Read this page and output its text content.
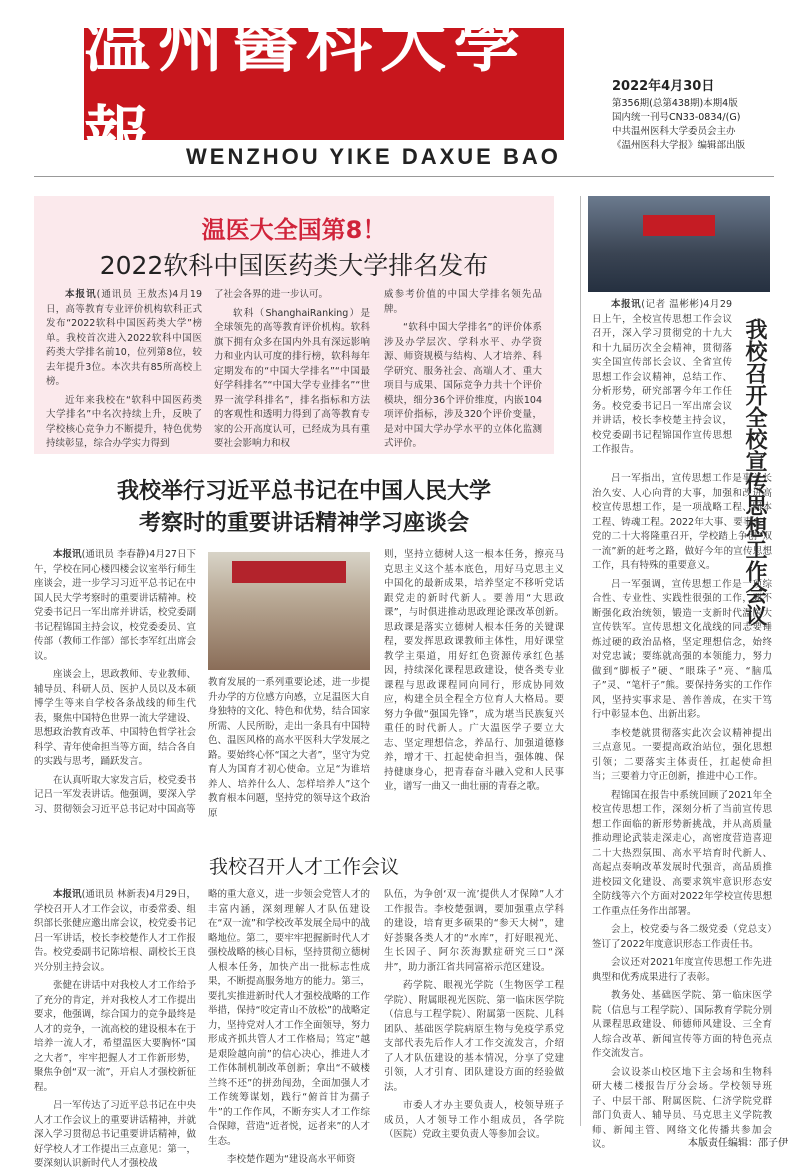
温州醫科大學報	WENZHOU YIKE DAXUE BAO
2022年4月30日
第356期(总第438期)本期4版
国内统一刊号CN33-0834/(G)
中共温州医科大学委员会主办
《温州医科大学报》编辑部出版
温医大全国第8！
2022软科中国医药类大学排名发布

本报讯(通讯员 王敖杰)4月19日，高等教育专业评价机构软科正式发布“2022软科中国医药类大学”榜单。我校首次进入2022软科中国医药类大学排名前10，位列第8位，较去年提升3位。本次共有85所高校上榜。

近年来我校在“软科中国医药类大学排名”中名次持续上升，反映了学校核心竞争力不断提升，特色优势持续彰显，综合办学实力得到

了社会各界的进一步认可。

软科（ShanghaiRanking）是全球领先的高等教育评价机构。软科旗下拥有众多在国内外具有深远影响力和业内认可度的排行榜，软科每年定期发布的“中国大学排名”“中国最好学科排名”“中国大学专业排名”“世界一流学科排名”，排名指标和方法的客观性和透明力得到了高等教育专家的公开高度认可，已经成为具有重要社会影响力和权

威参考价值的中国大学排名领先品牌。

“软科中国大学排名”的评价体系涉及办学层次、学科水平、办学资源、师资规模与结构、人才培养、科学研究、服务社会、高端人才、重大项目与成果、国际竞争力共十个评价模块，细分36个评价维度，内嵌104项评价指标，涉及320个评价变量，是对中国大学办学水平的立体化监测式评价。	我校召开全校宣传思想工作会议

本报讯(记者 温彬彬)4月29日上午，全校宣传思想工作会议召开，深入学习贯彻党的十九大和十九届历次全会精神，贯彻落实全国宣传部长会议、全省宣传思想工作会议精神，总结工作、分析形势，研究部署今年工作任务。校党委书记吕一军出席会议并讲话，校长李校楚主持会议，校党委副书记程锦国作宣传思想工作报告。

吕一军指出，宣传思想工作是事关长治久安、人心向背的大事，加强和改进高校宣传思想工作，是一项战略工程、固本工程、铸魂工程。2022年大事、要事多，党的二十大将隆重召开，学校踏上争创“双一流”新的赶考之路，做好今年的宣传思想工作，具有特殊的重要意义。

吕一军强调，宣传思想工作是一项综合性、专业性、实践性很强的工作，要不断强化政治统领，锻造一支新时代温医大宣传铁军。宣传思想文化战线的同志要锤炼过硬的政治品格，坚定理想信念，始终对党忠诚；要练就高强的本领能力，努力做到“脚板子”硬、“眼珠子”亮、“脑瓜子”灵、“笔杆子”熊。要保持务实的工作作风，坚持实事求是、善作善成，在实干笃行中彰显本色、出新出彩。

李校楚就贯彻落实此次会议精神提出三点意见。一要提高政治站位，强化思想引领；二要落实主体责任，扛起使命担当；三要着力守正创新，推进中心工作。

程锦国在报告中系统回顾了2021年全校宣传思想工作，深刻分析了当前宣传思想工作面临的新形势新挑战，并从高质量推动理论武装走深走心，高密度营造喜迎二十大热烈氛围、高水平培育时代新人、高起点奏响改革发展时代强音，高品质推进校园文化建设、高要求筑牢意识形态安全防线等六个方面对2022年学校宣传思想工作重点任务作出部署。

会上，校党委与各二级党委（党总支）签订了2022年度意识形态工作责任书。

会议还对2021年度宣传思想工作先进典型和优秀成果进行了表彰。

教务处、基础医学院、第一临床医学院（信息与工程学院）、国际教育学院分别从课程思政建设、师德师风建设、三全育人综合改革、新闻宣传等方面的特色亮点作交流发言。

会议设茶山校区地下主会场和生物科研大楼二楼报告厅分会场。学校领导班子、中层干部、附属医院、仁济学院党群部门负责人、辅导员、马克思主义学院教师、新闻主管、网络文化传播共参加会议。

我校举行习近平总书记在中国人民大学
考察时的重要讲话精神学习座谈会

本报讯(通讯员 李春静)4月27日下午，学校在同心楼四楼会议室举行师生座谈会，进一步学习习近平总书记在中国人民大学考察时的重要讲话精神。校党委书记吕一军出席并讲话，校党委副书记程锦国主持会议，校党委委员、宣传部（教师工作部）部长李军红出席会议。

座谈会上，思政教师、专业教师、辅导员、科研人员、医护人员以及本硕博学生等来自学校各条战线的师生代表，聚焦中国特色世界一流大学建设、思想政治教育改革、中国特色哲学社会科学、青年使命担当等方面，结合各自的实践与思考，踊跃发言。

在认真听取大家发言后，校党委书记吕一军发表讲话。他强调，要深入学习、贯彻领会习近平总书记对中国高等

教育发展的一系列重要论述，进一步提升办学的方位感方向感，立足温医大自身独特的文化、特色和优势，结合国家所需、人民所盼，走出一条具有中国特色、温医风格的高水平医科大学发展之路。要始终心怀“国之大者”，坚守为党育人为国育才初心使命。立足“为谁培养人、培养什么人、怎样培养人”这个教育根本问题，坚持党的领导这个政治原

则，坚持立德树人这一根本任务，擦亮马克思主义这个基本底色，用好马克思主义中国化的最新成果，培养坚定不移听党话跟党走的新时代新人。要善用“大思政课”，与时俱进推动思政理论课改革创新。思政课是落实立德树人根本任务的关键课程，要发挥思政课教师主体性，用好课堂教学主渠道，用好红色资源传承红色基因，持续深化课程思政建设，使各类专业课程与思政课程同向同行，形成协同效应，构建全员全程全方位育人大格局。要努力争做“强国先锋”，成为堪当民族复兴重任的时代新人。广大温医学子要立大志、坚定理想信念，养品行、加强道德修养，增才干、扛起使命担当，强体魄、保持健康身心，把青春奋斗融入党和人民事业，谱写一曲又一曲壮丽的青春之歌。

我校召开人才工作会议

本报讯(通讯员 林新表)4月29日，学校召开人才工作会议，市委常委、组织部长张健应邀出席会议，校党委书记吕一军讲话，校长李校楚作人才工作报告。校党委副书记陈培根、副校长王良兴分别主持会议。

张健在讲话中对我校人才工作给予了充分的肯定，并对我校人才工作提出要求，他强调，综合国力的竞争最终是人才的竞争，一流高校的建设根本在于培养一流人才，希望温医大要胸怀“国之大者”，牢牢把握人才工作新形势，聚焦争创“双一流”，开启人才强校新征程。

吕一军传达了习近平总书记在中央人才工作会议上的重要讲话精神，并就深入学习贯彻总书记重要讲话精神，做好学校人才工作提出三点意见：第一，要深刻认识新时代人才强校战

略的重大意义，进一步领会党管人才的丰富内涵，深刻理解人才队伍建设在“双一流”和学校改革发展全局中的战略地位。第二，要牢牢把握新时代人才强校战略的核心目标，坚持贯彻立德树人根本任务，加快产出一批标志性成果，不断提高服务地方的能力。第三，要扎实推进新时代人才强校战略的工作举措，保持“咬定青山不放松”的战略定力，坚持党对人才工作全面领导，努力形成齐抓共管人才工作格局；笃定“越是艰险越向前”的信心决心，推进人才工作体制机制改革创新；拿出“不破楼兰终不还”的拼劲闯劲，全面加强人才工作统筹谋划，践行“俯首甘为孺子牛”的工作作风，不断夯实人才工作综合保障，营造“近者悦，远者来”的人才生态。

李校楚作题为“建设高水平师资

队伍，为争创‘双一流’提供人才保障”人才工作报告。李校楚强调，要加强重点学科的建设，培育更多硕果的“参天大树”，建好荟聚各类人才的“水库”，打好眼视光、生长因子、阿尔茨海默症研究三口“深井”，助力浙江省共同富裕示范区建设。

药学院、眼视光学院（生物医学工程学院）、附属眼视光医院、第一临床医学院（信息与工程学院）、附属第一医院、儿科团队、基础医学院病原生物与免疫学系党支部代表先后作人才工作交流发言，介绍了人才队伍建设的基本情况，分享了党建引领，人才引育、团队建设方面的经验做法。

市委人才办主要负责人，校领导班子成员，人才领导工作小组成员，各学院（医院）党政主要负责人等参加会议。

本版责任编辑：邵子伊
